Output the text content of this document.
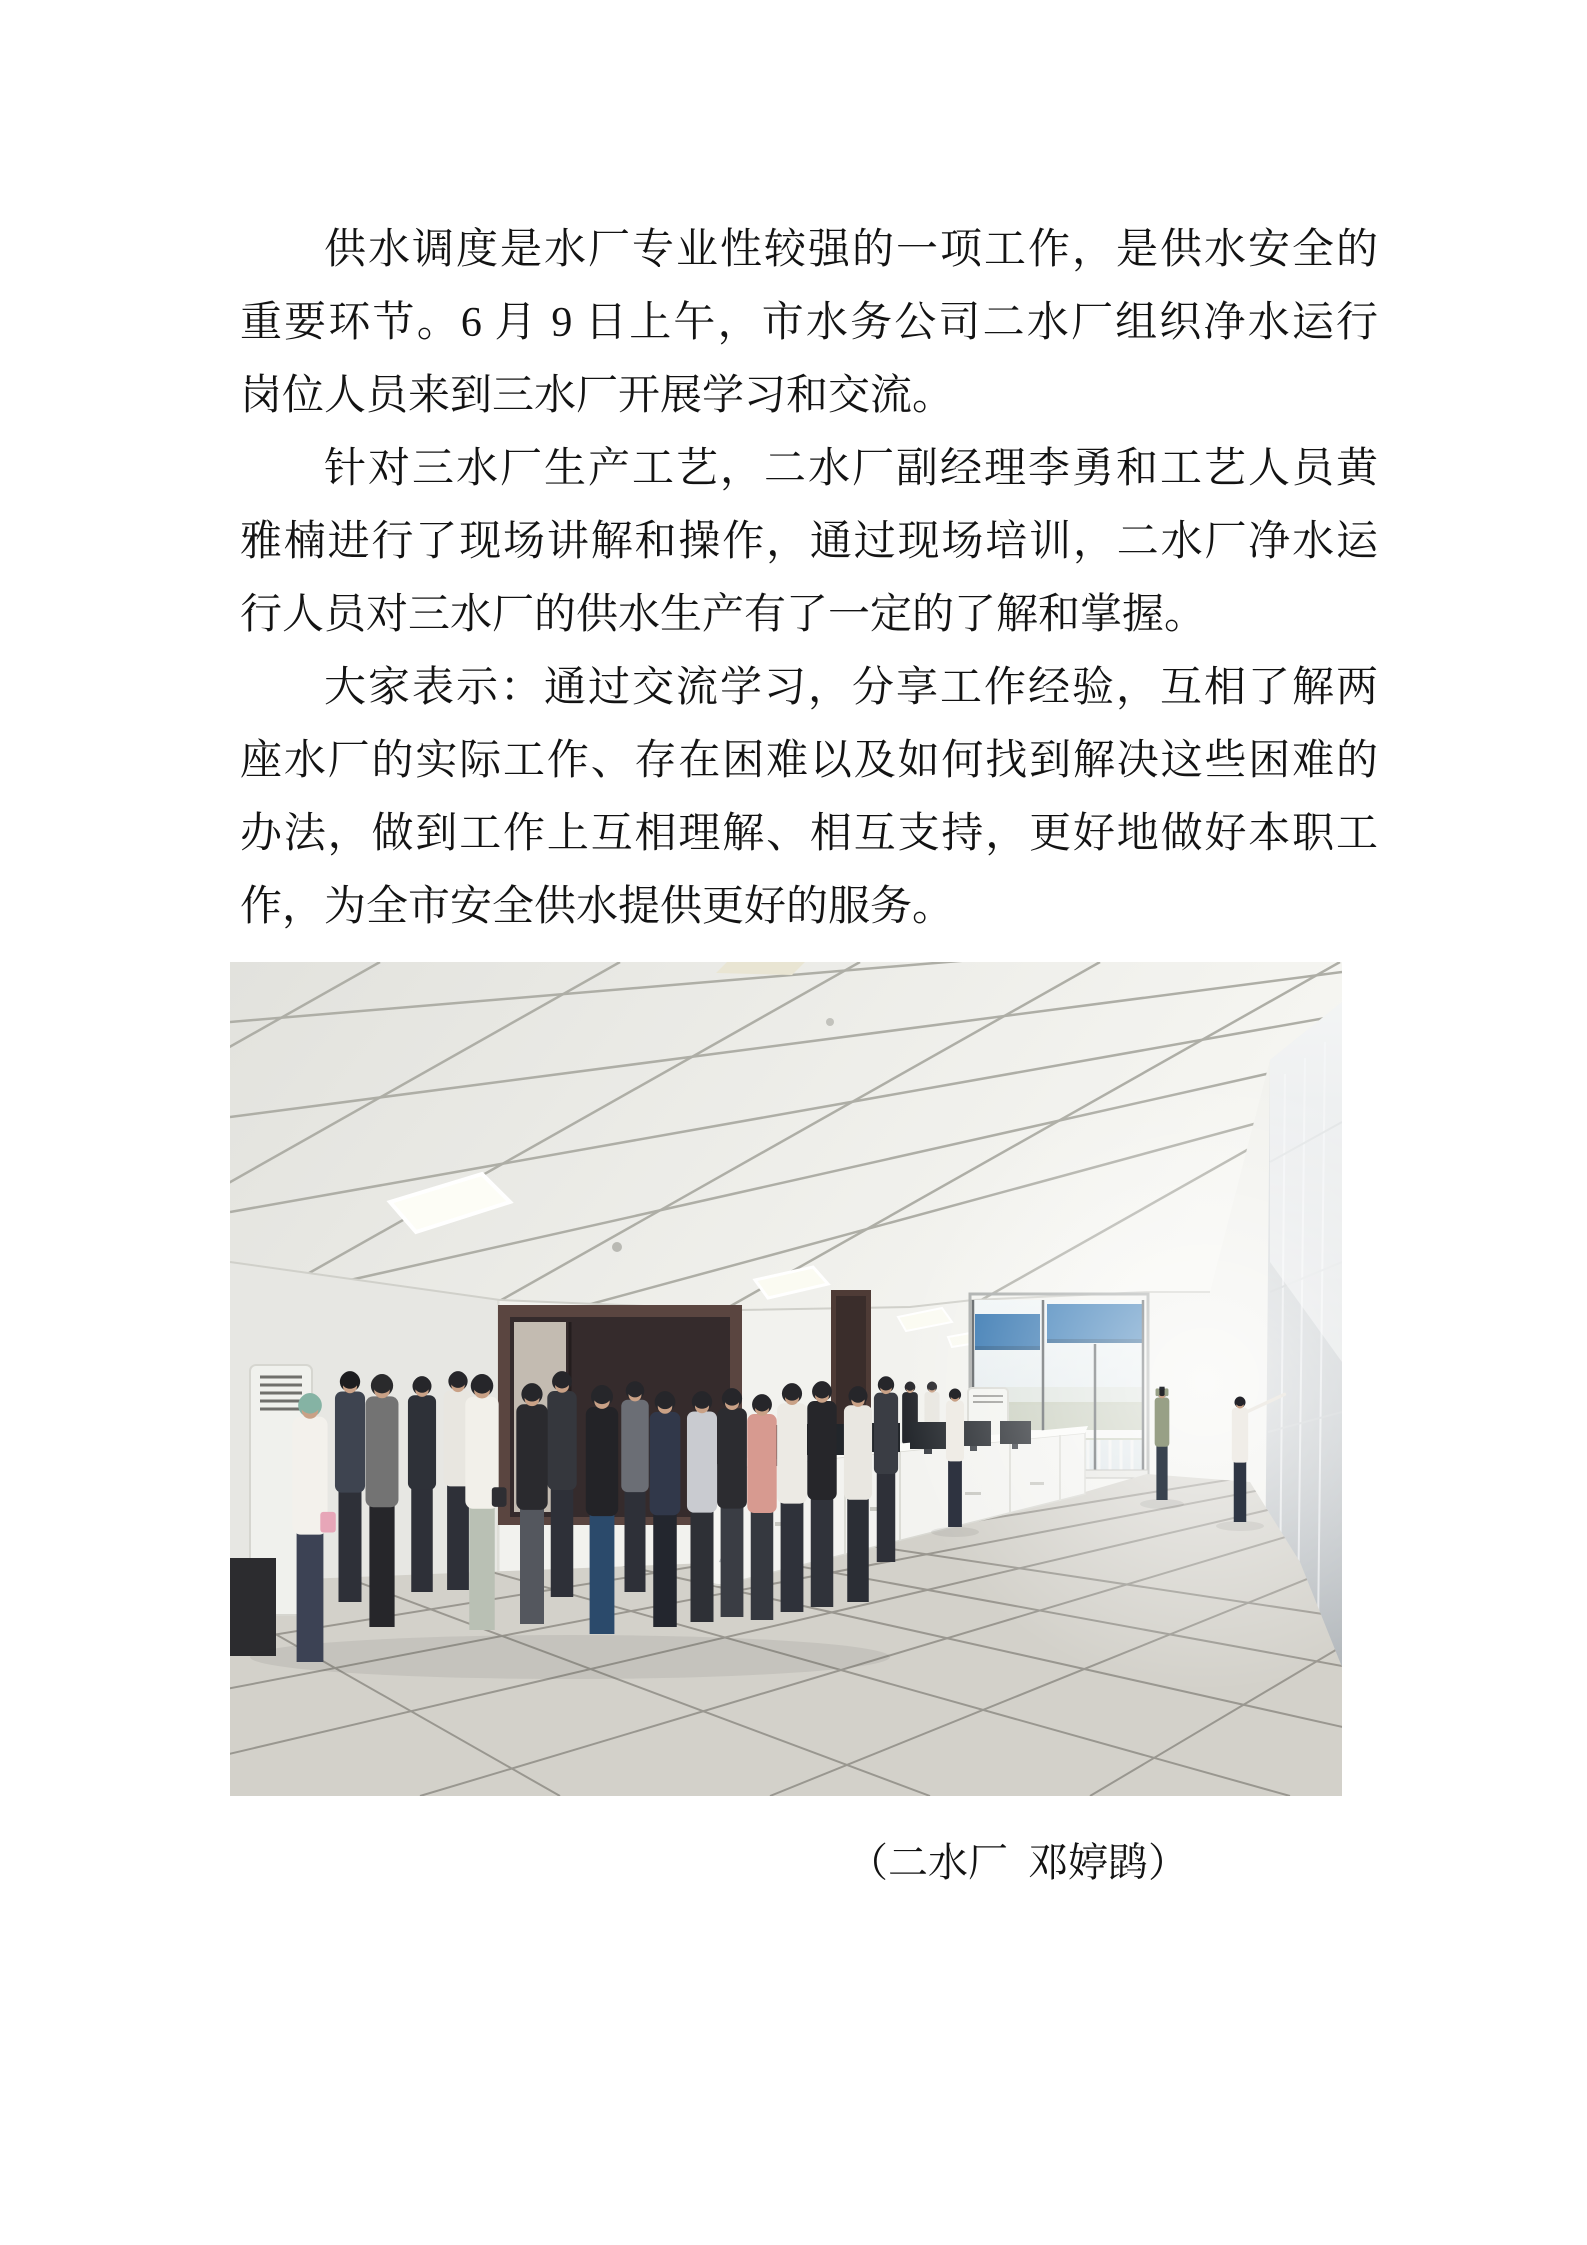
供水调度是水厂专业性较强的一项工作，是供水安全的
重要环节。6 月 9 日上午，市水务公司二水厂组织净水运行
岗位人员来到三水厂开展学习和交流。
针对三水厂生产工艺，二水厂副经理李勇和工艺人员黄
雅楠进行了现场讲解和操作，通过现场培训，二水厂净水运
行人员对三水厂的供水生产有了一定的了解和掌握。
大家表示：通过交流学习，分享工作经验，互相了解两
座水厂的实际工作、存在困难以及如何找到解决这些困难的
办法，做到工作上互相理解、相互支持，更好地做好本职工
作，为全市安全供水提供更好的服务。
（二水厂  邓婷鹍）
